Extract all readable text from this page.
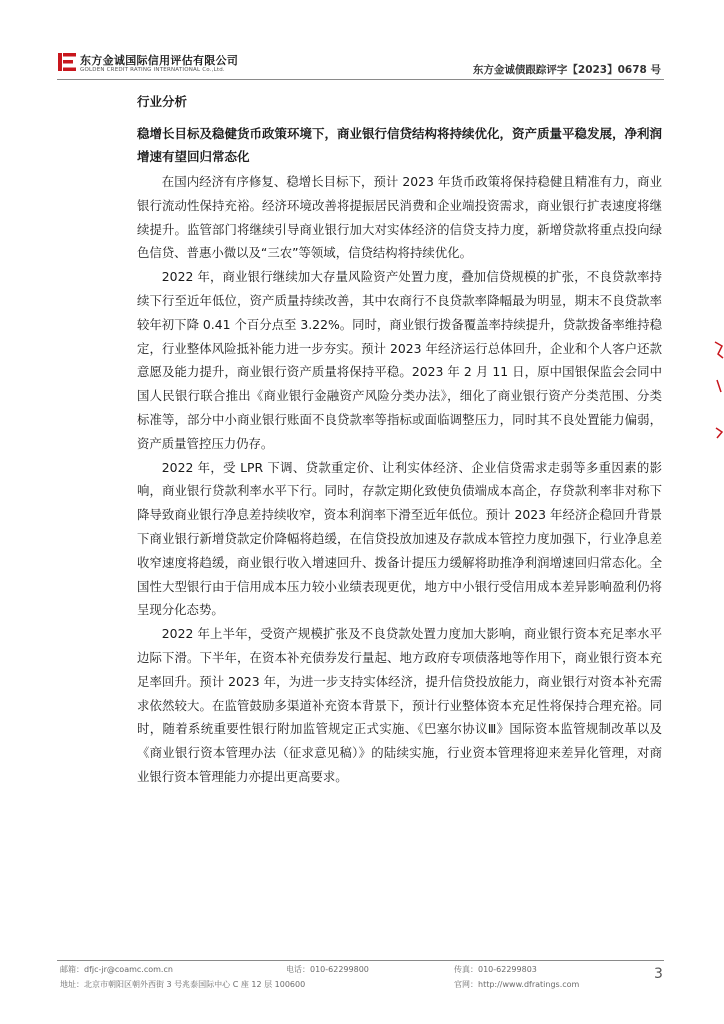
东方金诚国际信用评估有限公司
GOLDEN CREDIT RATING INTERNATIONAL Co.,Ltd.	东方金诚债跟踪评字【2023】0678 号
行业分析
稳增长目标及稳健货币政策环境下，商业银行信贷结构将持续优化，资产质量平稳发展，净利润增速有望回归常态化

在国内经济有序修复、稳增长目标下，预计 2023 年货币政策将保持稳健且精准有力，商业银行流动性保持充裕。经济环境改善将提振居民消费和企业端投资需求，商业银行扩表速度将继续提升。监管部门将继续引导商业银行加大对实体经济的信贷支持力度，新增贷款将重点投向绿色信贷、普惠小微以及“三农”等领域，信贷结构将持续优化。

2022 年，商业银行继续加大存量风险资产处置力度，叠加信贷规模的扩张，不良贷款率持续下行至近年低位，资产质量持续改善，其中农商行不良贷款率降幅最为明显，期末不良贷款率较年初下降 0.41 个百分点至 3.22%。同时，商业银行拨备覆盖率持续提升，贷款拨备率维持稳定，行业整体风险抵补能力进一步夯实。预计 2023 年经济运行总体回升，企业和个人客户还款意愿及能力提升，商业银行资产质量将保持平稳。2023 年 2 月 11 日，原中国银保监会会同中国人民银行联合推出《商业银行金融资产风险分类办法》，细化了商业银行资产分类范围、分类标准等，部分中小商业银行账面不良贷款率等指标或面临调整压力，同时其不良处置能力偏弱，资产质量管控压力仍存。

2022 年，受 LPR 下调、贷款重定价、让利实体经济、企业信贷需求走弱等多重因素的影响，商业银行贷款利率水平下行。同时，存款定期化致使负债端成本高企，存贷款利率非对称下降导致商业银行净息差持续收窄，资本利润率下滑至近年低位。预计 2023 年经济企稳回升背景下商业银行新增贷款定价降幅将趋缓，在信贷投放加速及存款成本管控力度加强下，行业净息差收窄速度将趋缓，商业银行收入增速回升、拨备计提压力缓解将助推净利润增速回归常态化。全国性大型银行由于信用成本压力较小业绩表现更优，地方中小银行受信用成本差异影响盈利仍将呈现分化态势。

2022 年上半年，受资产规模扩张及不良贷款处置力度加大影响，商业银行资本充足率水平边际下滑。下半年，在资本补充债券发行量起、地方政府专项债落地等作用下，商业银行资本充足率回升。预计 2023 年，为进一步支持实体经济，提升信贷投放能力，商业银行对资本补充需求依然较大。在监管鼓励多渠道补充资本背景下，预计行业整体资本充足性将保持合理充裕。同时，随着系统重要性银行附加监管规定正式实施、《巴塞尔协议Ⅲ》国际资本监管规制改革以及《商业银行资本管理办法（征求意见稿）》的陆续实施，行业资本管理将迎来差异化管理，对商业银行资本管理能力亦提出更高要求。

邮箱：dfjc-jr@coamc.com.cn	电话：010-62299800	传真：010-62299803
地址：北京市朝阳区朝外西街 3 号兆泰国际中心 C 座 12 层 100600	官网：http://www.dfratings.com
3
